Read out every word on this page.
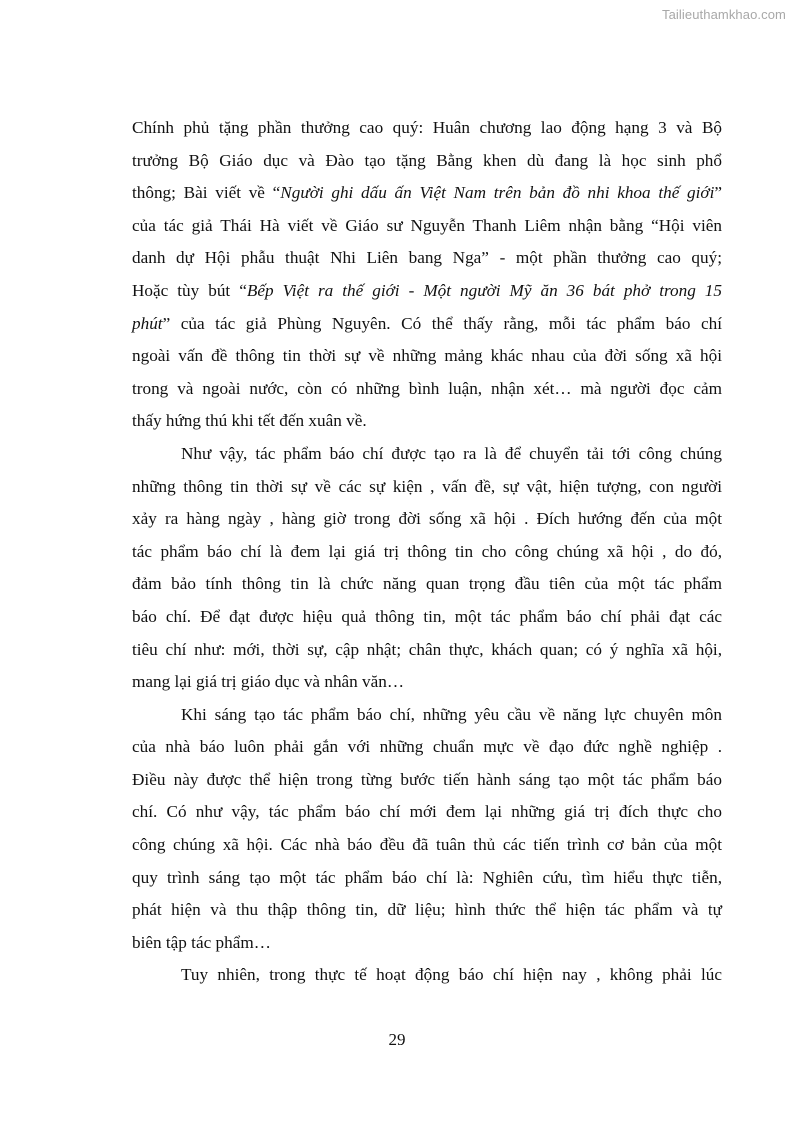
Tailieuthamkhao.com
Chính phủ tặng phần thưởng cao quý: Huân chương lao động hạng 3 và Bộ
trưởng Bộ Giáo dục và Đào tạo tặng Bằng khen dù đang là học sinh phổ
thông; Bài viết về “Người ghi dấu ấn Việt Nam trên bản đồ nhi khoa thế giới”
của tác giả Thái Hà viết về Giáo sư Nguyễn Thanh Liêm nhận bằng “Hội viên
danh dự Hội phẫu thuật Nhi Liên bang Nga” - một phần thưởng cao quý;
Hoặc tùy bút “Bếp Việt ra thế giới - Một người Mỹ ăn 36 bát phở trong 15
phút” của tác giả Phùng Nguyên. Có thể thấy rằng, mỗi tác phẩm báo chí
ngoài vấn đề thông tin thời sự về những mảng khác nhau của đời sống xã hội
trong và ngoài nước, còn có những bình luận, nhận xét… mà người đọc cảm
thấy hứng thú khi tết đến xuân về.
Như vậy, tác phẩm báo chí được tạo ra là để chuyển tải tới công chúng
những thông tin thời sự về các sự kiện , vấn đề, sự vật, hiện tượng, con người
xảy ra hàng ngày , hàng giờ trong đời sống xã hội . Đích hướng đến của một
tác phẩm báo chí là đem lại giá trị thông tin cho công chúng xã hội , do đó,
đảm bảo tính thông tin là chức năng quan trọng đầu tiên của một tác phẩm
báo chí. Để đạt được hiệu quả thông tin, một tác phẩm báo chí phải đạt các
tiêu chí như: mới, thời sự, cập nhật; chân thực, khách quan; có ý nghĩa xã hội,
mang lại giá trị giáo dục và nhân văn…
Khi sáng tạo tác phẩm báo chí, những yêu cầu về năng lực chuyên môn
của nhà báo luôn phải gắn với những chuẩn mực về đạo đức nghề nghiệp .
Điều này được thể hiện trong từng bước tiến hành sáng tạo một tác phẩm báo
chí. Có như vậy, tác phẩm báo chí mới đem lại những giá trị đích thực cho
công chúng xã hội. Các nhà báo đều đã tuân thủ các tiến trình cơ bản của một
quy trình sáng tạo một tác phẩm báo chí là: Nghiên cứu, tìm hiểu thực tiễn,
phát hiện và thu thập thông tin, dữ liệu; hình thức thể hiện tác phẩm và tự
biên tập tác phẩm…
Tuy nhiên, trong thực tế hoạt động báo chí hiện nay , không phải lúc
29
